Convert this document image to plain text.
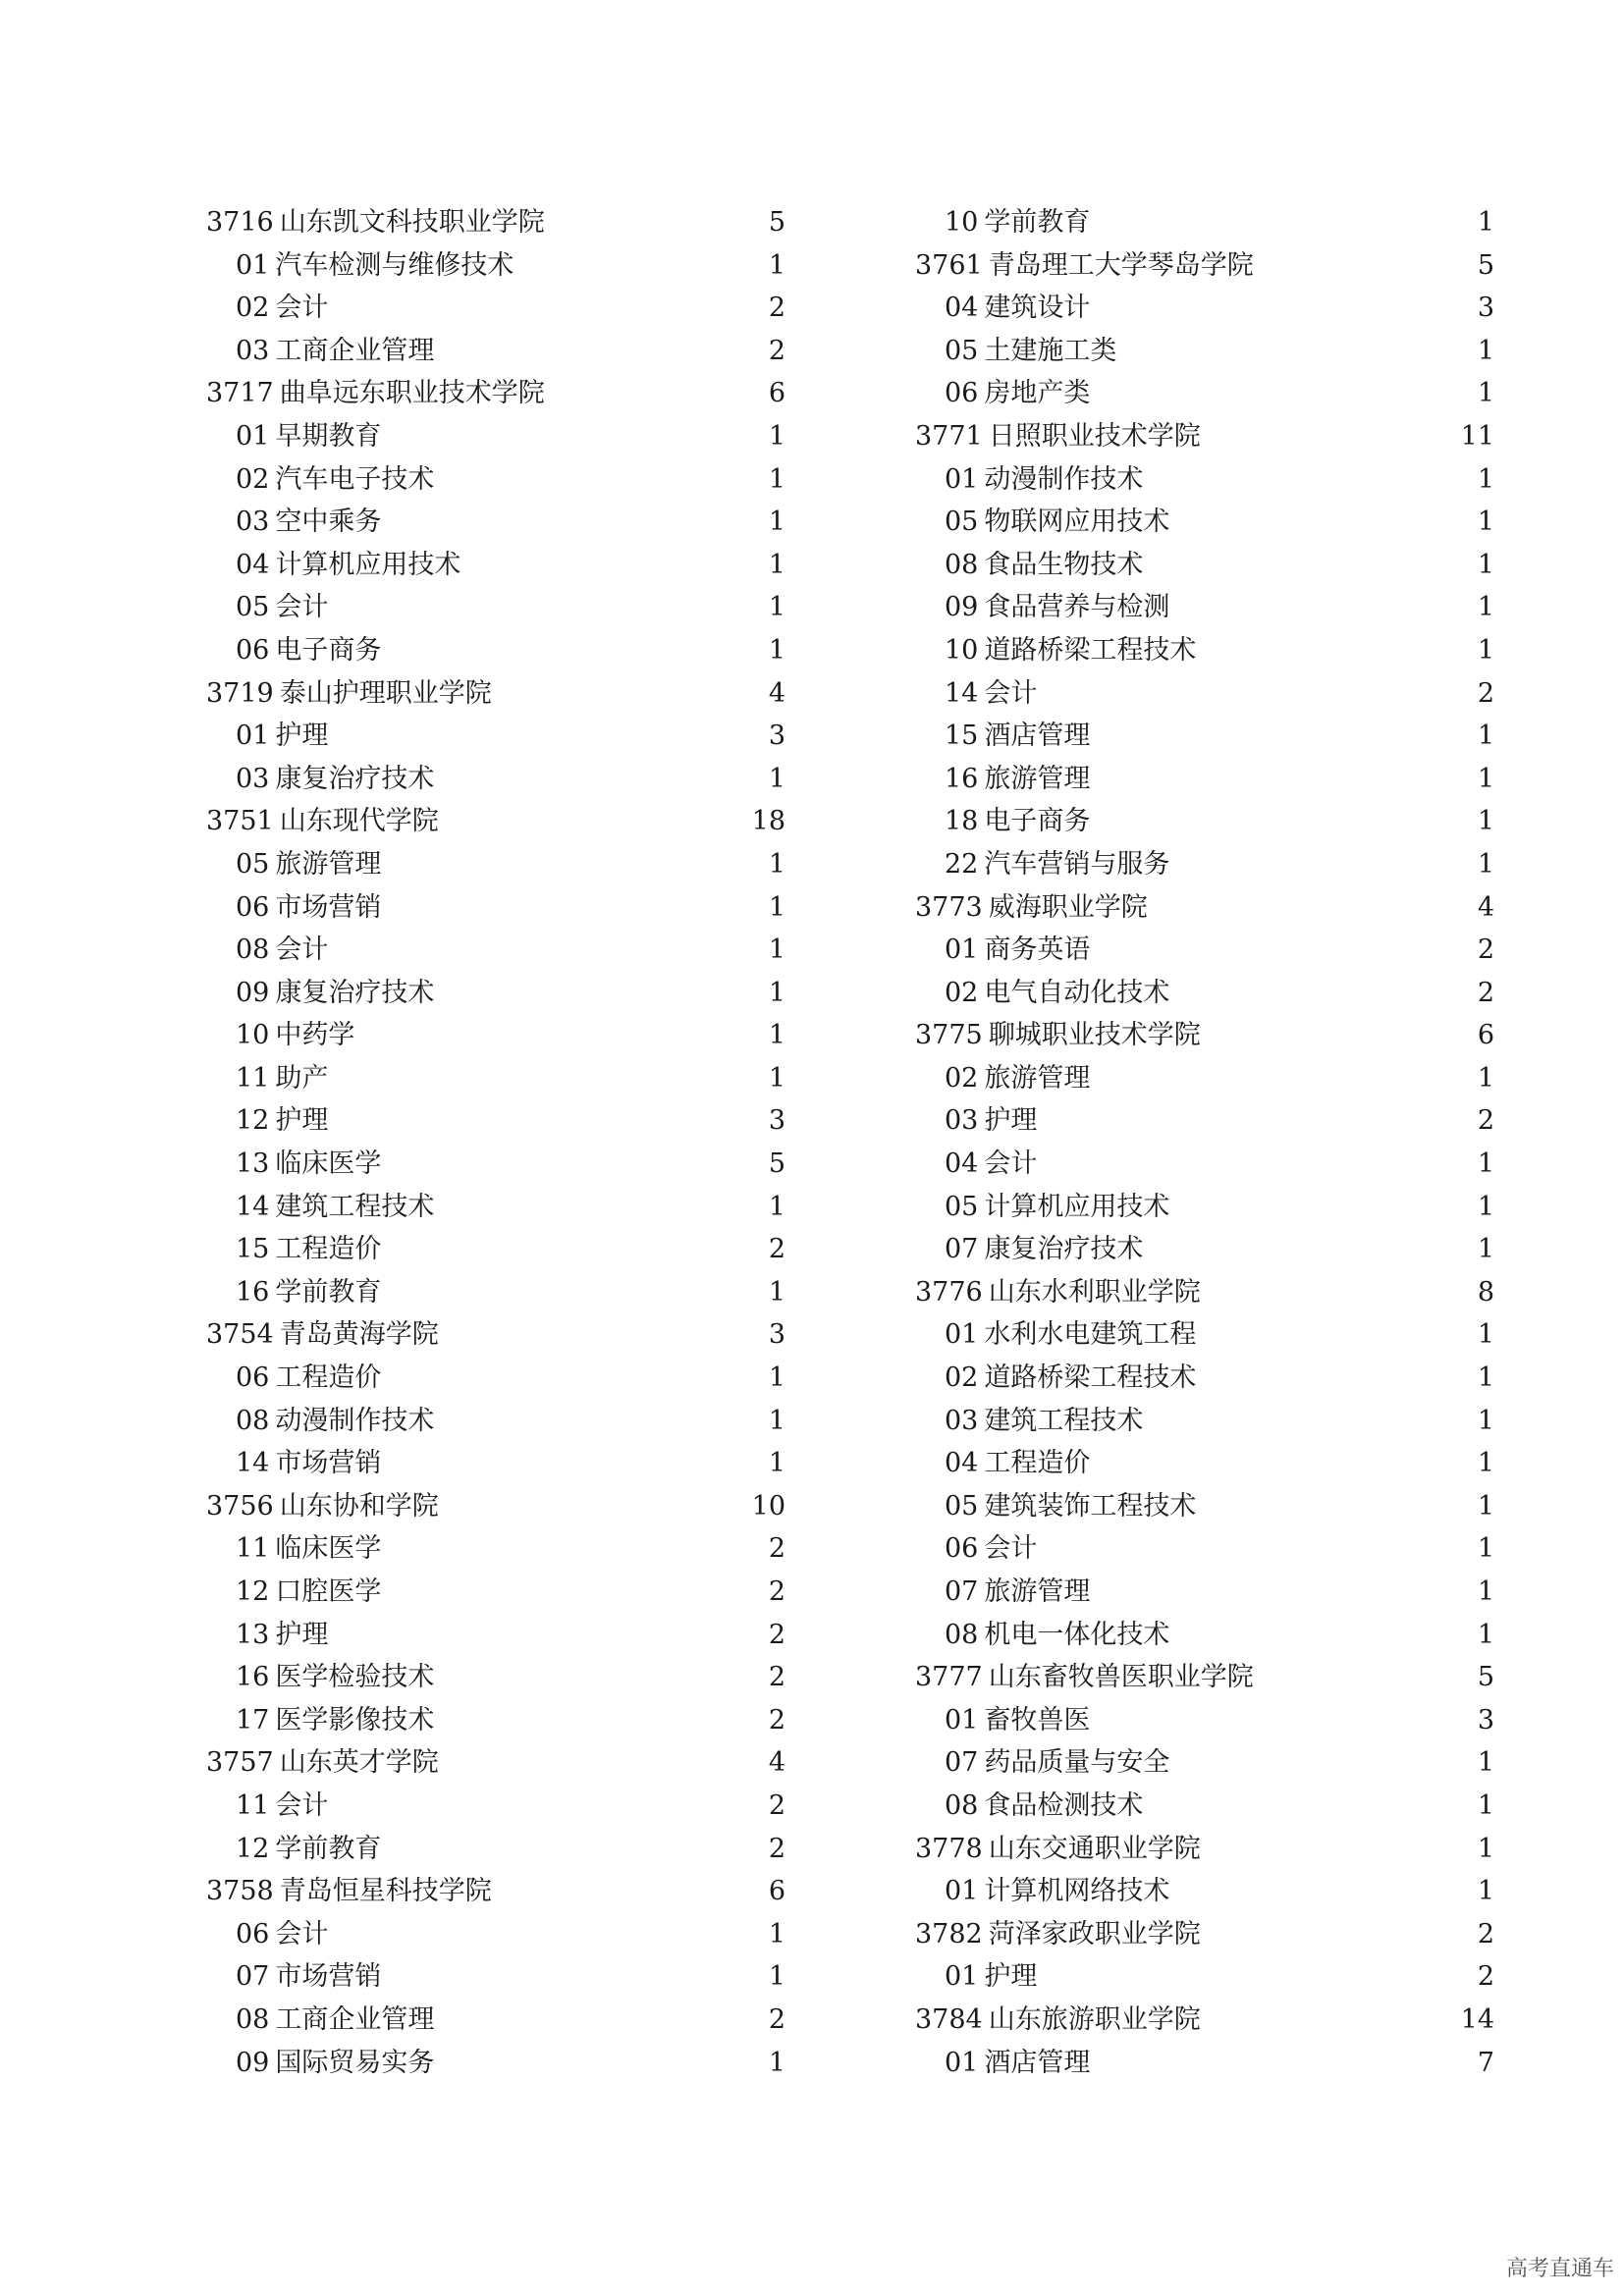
3716 山东凯文科技职业学院	5
01 汽车检测与维修技术	1
02 会计	2
03 工商企业管理	2
3717 曲阜远东职业技术学院	6
01 早期教育	1
02 汽车电子技术	1
03 空中乘务	1
04 计算机应用技术	1
05 会计	1
06 电子商务	1
3719 泰山护理职业学院	4
01 护理	3
03 康复治疗技术	1
3751 山东现代学院	18
05 旅游管理	1
06 市场营销	1
08 会计	1
09 康复治疗技术	1
10 中药学	1
11 助产	1
12 护理	3
13 临床医学	5
14 建筑工程技术	1
15 工程造价	2
16 学前教育	1
3754 青岛黄海学院	3
06 工程造价	1
08 动漫制作技术	1
14 市场营销	1
3756 山东协和学院	10
11 临床医学	2
12 口腔医学	2
13 护理	2
16 医学检验技术	2
17 医学影像技术	2
3757 山东英才学院	4
11 会计	2
12 学前教育	2
3758 青岛恒星科技学院	6
06 会计	1
07 市场营销	1
08 工商企业管理	2
09 国际贸易实务	1
10 学前教育	1
3761 青岛理工大学琴岛学院	5
04 建筑设计	3
05 土建施工类	1
06 房地产类	1
3771 日照职业技术学院	11
01 动漫制作技术	1
05 物联网应用技术	1
08 食品生物技术	1
09 食品营养与检测	1
10 道路桥梁工程技术	1
14 会计	2
15 酒店管理	1
16 旅游管理	1
18 电子商务	1
22 汽车营销与服务	1
3773 威海职业学院	4
01 商务英语	2
02 电气自动化技术	2
3775 聊城职业技术学院	6
02 旅游管理	1
03 护理	2
04 会计	1
05 计算机应用技术	1
07 康复治疗技术	1
3776 山东水利职业学院	8
01 水利水电建筑工程	1
02 道路桥梁工程技术	1
03 建筑工程技术	1
04 工程造价	1
05 建筑装饰工程技术	1
06 会计	1
07 旅游管理	1
08 机电一体化技术	1
3777 山东畜牧兽医职业学院	5
01 畜牧兽医	3
07 药品质量与安全	1
08 食品检测技术	1
3778 山东交通职业学院	1
01 计算机网络技术	1
3782 菏泽家政职业学院	2
01 护理	2
3784 山东旅游职业学院	14
01 酒店管理	7
高考直通车
